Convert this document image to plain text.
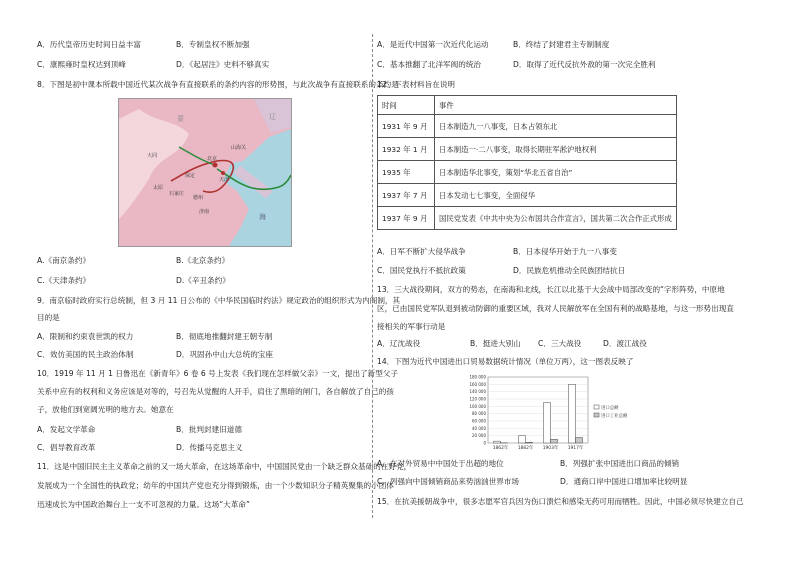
A．历代皇帝历史时间日益丰富	B．专制皇权不断加强
C．康熙雍时皇权达到顶峰	D．《起居注》史料不够真实
8．下图是初中课本所载中国近代某次战争有直接联系的条约内容的形势图，与此次战争有直接联系的条约是
大同	北京
天津
山海关
保定
太原
德州
济南
石家庄
蒙	辽
海
A.《南京条约》	B.《北京条约》
C.《天津条约》	D.《辛丑条约》
9．南京临时政府实行总统制，但 3 月 11 日公布的《中华民国临时约法》规定政治的组织形式为内阁制，其
目的是
A．限制和约束袁世凯的权力	B．彻底地推翻封建王朝专制
C．效仿美国的民主政治体制	D．巩固孙中山大总统的宝座
10．1919 年 11 月 1 日鲁迅在《新青年》6 卷 6 号上发表《我们现在怎样做父亲》一文，提出了新型父子
关系中应有的权利和义务应该是对等的，号召先从觉醒的人开手，肩住了黑暗的闸门，各自解放了自己的孩
子，放他们到宽阔光明的地方去。她意在
A．发起文学革命	B．批判封建旧道德
C．倡导教育改革	D．传播马克思主义
11．这是中国旧民主主义革命之前的又一场大革命，在这场革命中，中国国民党由一个缺乏群众基础的在野党，
发展成为一个全国性的执政党；幼年的中国共产党也充分得到锻炼，由一个少数知识分子精英聚集的小团体
迅速成长为中国政治舞台上一支不可忽视的力量。这场“大革命”
A．是近代中国第一次近代化运动	B．终结了封建君主专制制度
C．基本推翻了北洋军阀的统治	D．取得了近代反抗外敌的第一次完全胜利
12．下表材料旨在说明
时间	事件
1931 年 9 月	日本制造九一八事变，日本占领东北
1932 年 1 月	日本制造一·二八事变，取得长期驻军淞沪地权利
1935 年	日本制造华北事变，策划“华北五省自治”
1937 年 7 月	日本发动七七事变，全面侵华
1937 年 9 月	国民党发表《中共中央为公布国共合作宣言》，国共第二次合作正式形成
A．日军不断扩大侵华战争	B．日本侵华开始于九一八事变
C．国民党执行不抵抗政策	D．民族危机推动全民族团结抗日
13．三大战役期间，双方的势态，在南海和北线，长江以北基于大会战中局部改变的“字形阵势，中原地
区，已由国民党军队退到被动防御的重要区域，我对人民解放军在全国有利的战略基地，与这一形势出现直
接相关的军事行动是
A．辽沈战役	B．挺进大别山 C．三大战役	D．渡江战役
14．下图为近代中国进出口贸易数据统计情况（单位万两），这一图表反映了
180 000
160 000
140 000
120 000
100 000
80 000
60 000
40 000
20 000
0
1862年 1882年 1903年 1917年
进口总额
进口工业总额
A．在对外贸易中中国处于出超的地位	B．列强扩张中国进出口商品的倾销
C．列强向中国倾销商品来势汹汹世界市场	D．通商口岸中国进口增加率比较明显
15．在抗美援朝战争中，很多志愿军官兵因为伤口溃烂和感染无药可用而牺牲。因此，中国必须尽快建立自己
